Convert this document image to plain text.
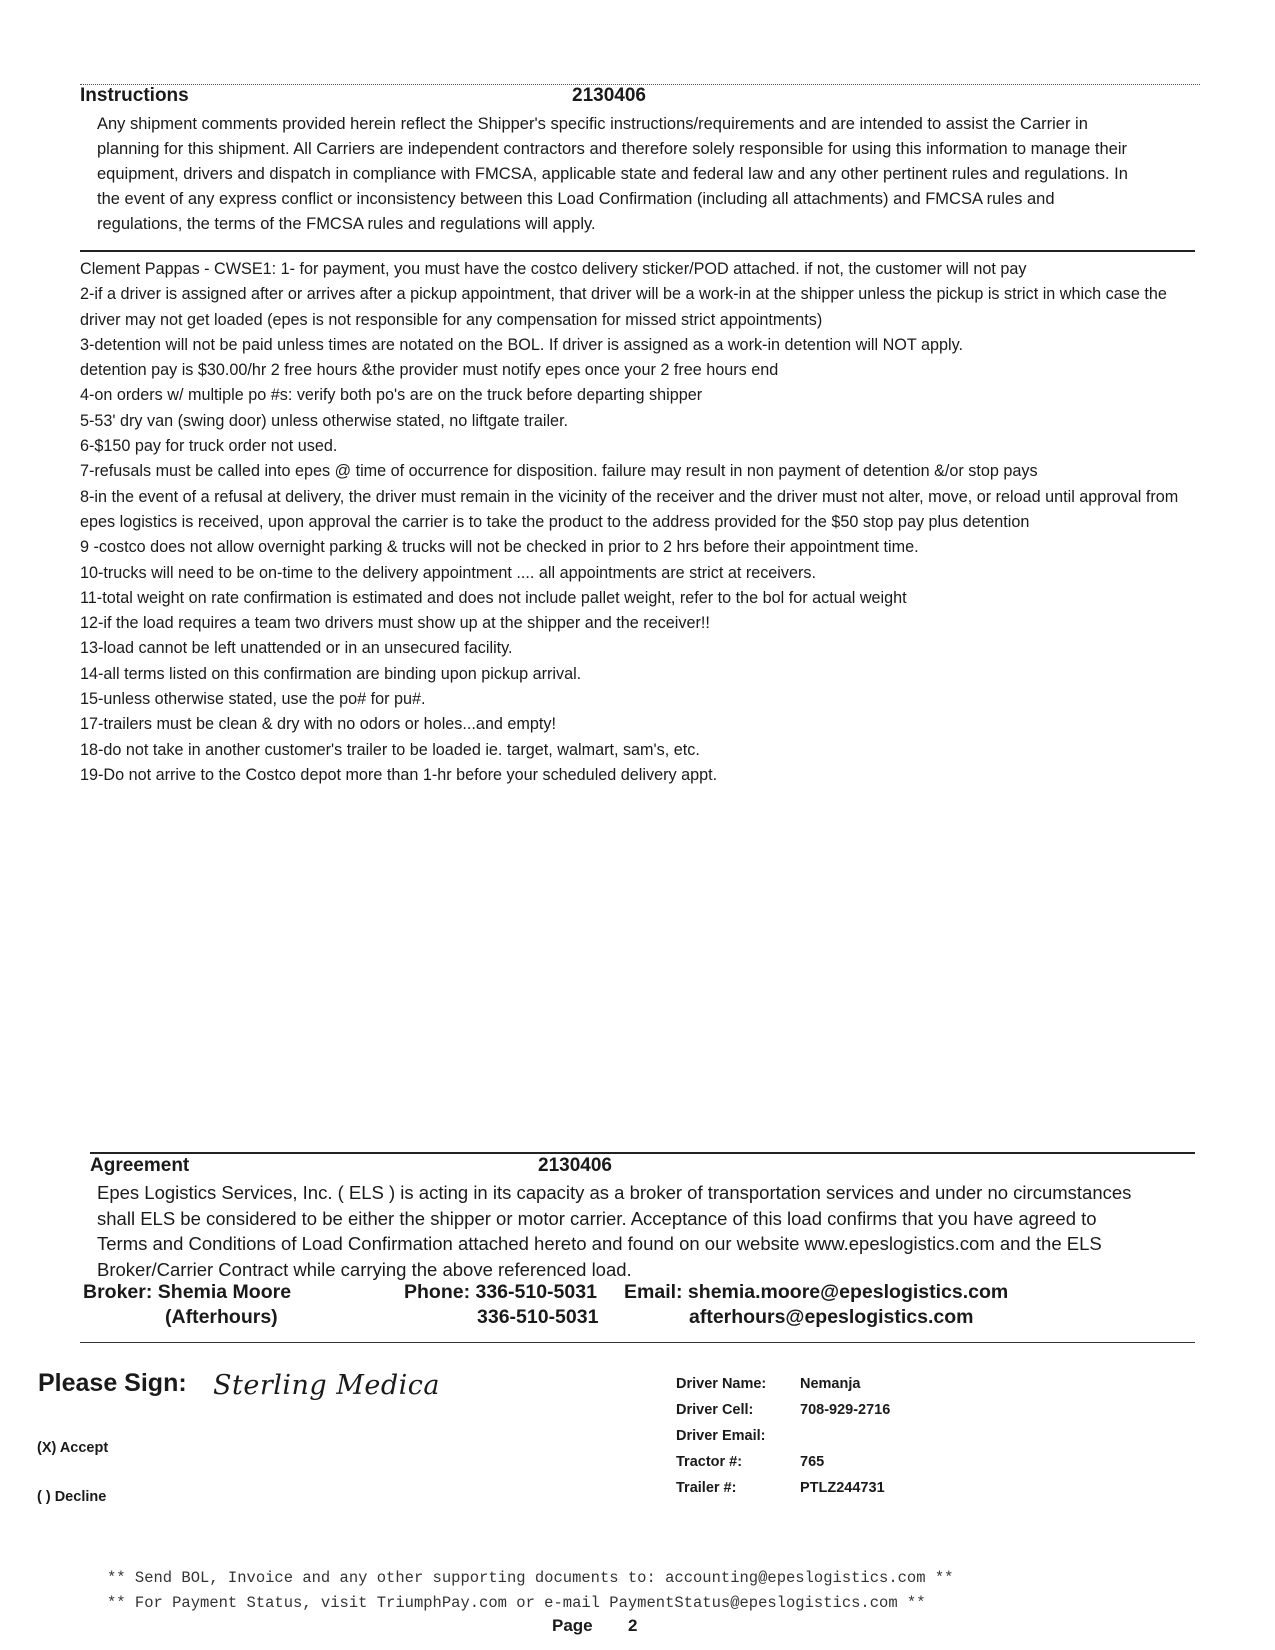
Instructions	2130406
Any shipment comments provided herein reflect the Shipper's specific instructions/requirements and are intended to assist the Carrier in planning for this shipment. All Carriers are independent contractors and therefore solely responsible for using this information to manage their equipment, drivers and dispatch in compliance with FMCSA, applicable state and federal law and any other pertinent rules and regulations. In the event of any express conflict or inconsistency between this Load Confirmation (including all attachments) and FMCSA rules and regulations, the terms of the FMCSA rules and regulations will apply.
Clement Pappas - CWSE1: 1- for payment, you must have the costco delivery sticker/POD attached. if not, the customer will not pay
2-if a driver is assigned after or arrives after a pickup appointment, that driver will be a work-in at the shipper unless the pickup is strict in which case the driver may not get loaded (epes is not responsible for any compensation for missed strict appointments)
3-detention will not be paid unless times are notated on the BOL. If driver is assigned as a work-in detention will NOT apply.
detention pay is $30.00/hr 2 free hours &the provider must notify epes once your 2 free hours end
4-on orders w/ multiple po #s: verify both po's are on the truck before departing shipper
5-53' dry van (swing door) unless otherwise stated, no liftgate trailer.
6-$150 pay for truck order not used.
7-refusals must be called into epes @ time of occurrence for disposition. failure may result in non payment of detention &/or stop pays
8-in the event of a refusal at delivery, the driver must remain in the vicinity of the receiver and the driver must not alter, move, or reload until approval from epes logistics is received, upon approval the carrier is to take the product to the address provided for the $50 stop pay plus detention
9 -costco does not allow overnight parking & trucks will not be checked in prior to 2 hrs before their appointment time.
10-trucks will need to be on-time to the delivery appointment .... all appointments are strict at receivers.
11-total weight on rate confirmation is estimated and does not include pallet weight, refer to the bol for actual weight
12-if the load requires a team two drivers must show up at the shipper and the receiver!!
13-load cannot be left unattended or in an unsecured facility.
14-all terms listed on this confirmation are binding upon pickup arrival.
15-unless otherwise stated, use the po# for pu#.
17-trailers must be clean & dry with no odors or holes...and empty!
18-do not take in another customer's trailer to be loaded ie. target, walmart, sam's, etc.
19-Do not arrive to the Costco depot more than 1-hr before your scheduled delivery appt.
Agreement	2130406
Epes Logistics Services, Inc. ( ELS ) is acting in its capacity as a broker of transportation services and under no circumstances shall ELS be considered to be either the shipper or motor carrier. Acceptance of this load confirms that you have agreed to Terms and Conditions of Load Confirmation attached hereto and found on our website www.epeslogistics.com and the ELS Broker/Carrier Contract while carrying the above referenced load.
Broker: Shemia Moore	Phone: 336-510-5031 Email: shemia.moore@epeslogistics.com
(Afterhours)	336-510-5031	afterhours@epeslogistics.com
Please Sign: Sterling Medica
(X) Accept
( ) Decline
Driver Name: Nemanja
Driver Cell:	708-929-2716
Driver Email:
Tractor #:	765
Trailer #:	PTLZ244731
** Send BOL, Invoice and any other supporting documents to: accounting@epeslogistics.com **
** For Payment Status, visit TriumphPay.com or e-mail PaymentStatus@epeslogistics.com **
Page 2
